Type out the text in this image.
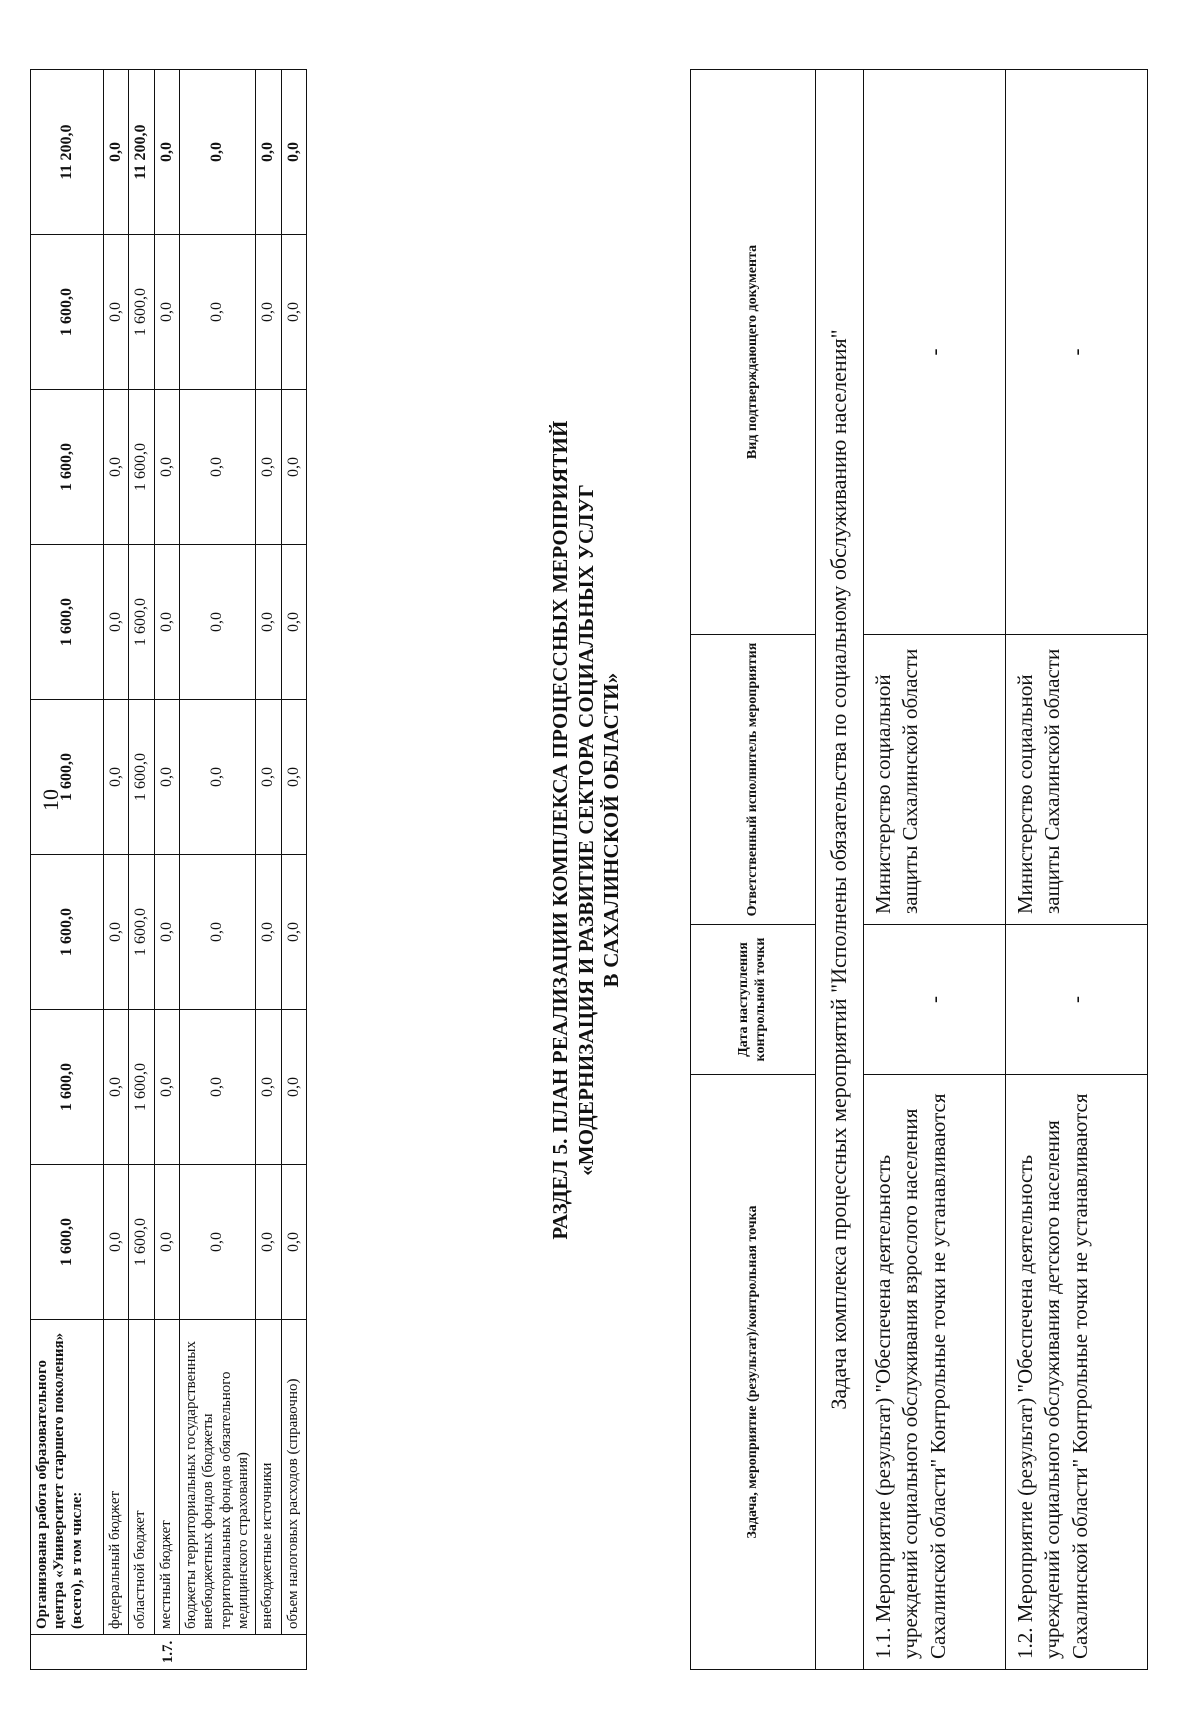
1.7.	Организована работа образовательного центра «Университет старшего поколения» (всего), в том числе:	1 600,0	1 600,0	1 600,0	1 600,0	1 600,0	1 600,0	1 600,0	11 200,0
	федеральный бюджет	0,0	0,0	0,0	0,0	0,0	0,0	0,0	0,0
	областной бюджет	1 600,0	1 600,0	1 600,0	1 600,0	1 600,0	1 600,0	1 600,0	11 200,0
	местный бюджет	0,0	0,0	0,0	0,0	0,0	0,0	0,0	0,0
	бюджеты территориальных государственных внебюджетных фондов (бюджеты территориальных фондов обязательного медицинского страхования)	0,0	0,0	0,0	0,0	0,0	0,0	0,0	0,0
	внебюджетные источники	0,0	0,0	0,0	0,0	0,0	0,0	0,0	0,0
	объем налоговых расходов (справочно)	0,0	0,0	0,0	0,0	0,0	0,0	0,0	0,0
10	РАЗДЕЛ 5. ПЛАН РЕАЛИЗАЦИИ КОМПЛЕКСА ПРОЦЕССНЫХ МЕРОПРИЯТИЙ «МОДЕРНИЗАЦИЯ И РАЗВИТИЕ СЕКТОРА СОЦИАЛЬНЫХ УСЛУГ В САХАЛИНСКОЙ ОБЛАСТИ»
Задача, мероприятие (результат)/контрольная точка	Дата наступления контрольной точки	Ответственный исполнитель мероприятия	Вид подтверждающего документа
Задача комплекса процессных мероприятий "Исполнены обязательства по социальному обслуживанию населения"			
1.1. Мероприятие (результат) "Обеспечена деятельность учреждений социального обслуживания взрослого населения Сахалинской области" Контрольные точки не устанавливаются	-	Министерство социальной защиты Сахалинской области	-
1.2. Мероприятие (результат) "Обеспечена деятельность учреждений социального обслуживания детского населения Сахалинской области" Контрольные точки не устанавливаются	-	Министерство социальной защиты Сахалинской области	-
